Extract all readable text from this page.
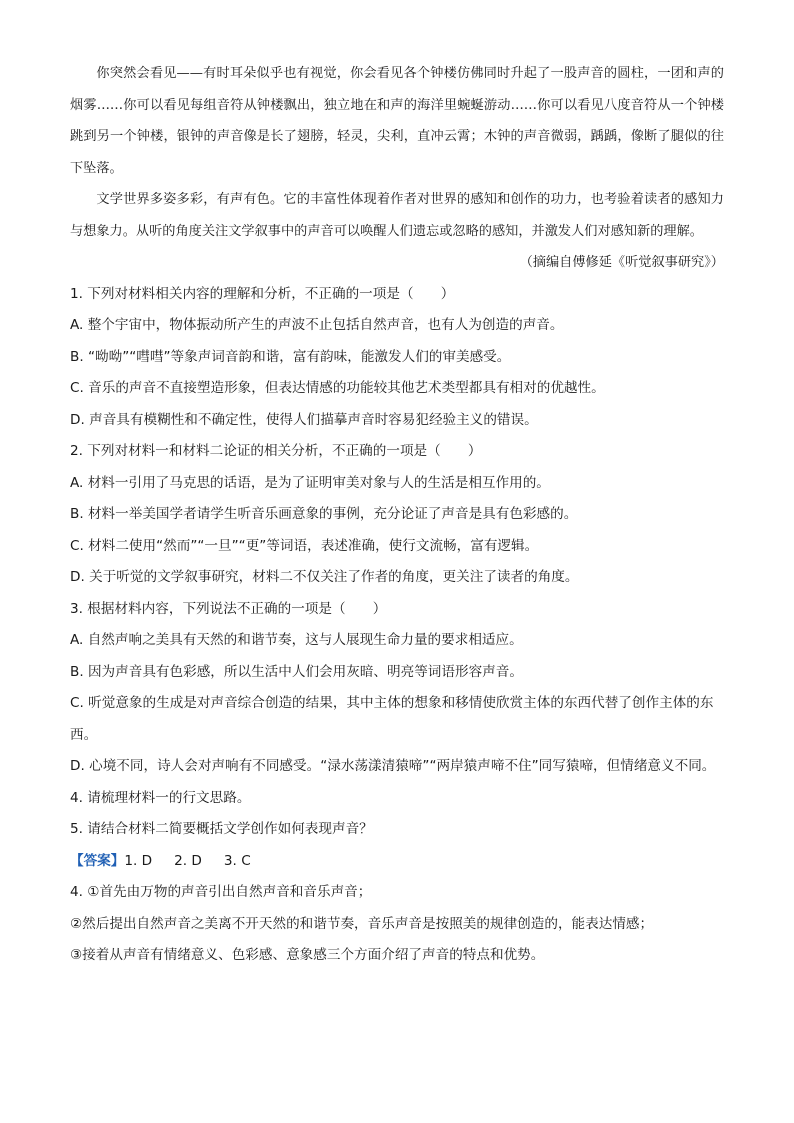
你突然会看见——有时耳朵似乎也有视觉，你会看见各个钟楼仿佛同时升起了一股声音的圆柱，一团和声的烟雾……你可以看见每组音符从钟楼飘出，独立地在和声的海洋里蜿蜒游动……你可以看见八度音符从一个钟楼跳到另一个钟楼，银钟的声音像是长了翅膀，轻灵，尖利，直冲云霄；木钟的声音微弱，踽踽，像断了腿似的往下坠落。

文学世界多姿多彩，有声有色。它的丰富性体现着作者对世界的感知和创作的功力，也考验着读者的感知力与想象力。从听的角度关注文学叙事中的声音可以唤醒人们遗忘或忽略的感知，并激发人们对感知新的理解。

（摘编自傅修延《听觉叙事研究》）

1. 下列对材料相关内容的理解和分析，不正确的一项是（　　）

A. 整个宇宙中，物体振动所产生的声波不止包括自然声音，也有人为创造的声音。

B. “呦呦”“嘒嘒”等象声词音韵和谐，富有韵味，能激发人们的审美感受。

C. 音乐的声音不直接塑造形象，但表达情感的功能较其他艺术类型都具有相对的优越性。

D. 声音具有模糊性和不确定性，使得人们描摹声音时容易犯经验主义的错误。

2. 下列对材料一和材料二论证的相关分析，不正确的一项是（　　）

A. 材料一引用了马克思的话语，是为了证明审美对象与人的生活是相互作用的。

B. 材料一举美国学者请学生听音乐画意象的事例，充分论证了声音是具有色彩感的。

C. 材料二使用“然而”“一旦”“更”等词语，表述准确，使行文流畅，富有逻辑。

D. 关于听觉的文学叙事研究，材料二不仅关注了作者的角度，更关注了读者的角度。

3. 根据材料内容，下列说法不正确的一项是（　　）

A. 自然声响之美具有天然的和谐节奏，这与人展现生命力量的要求相适应。

B. 因为声音具有色彩感，所以生活中人们会用灰暗、明亮等词语形容声音。

C. 听觉意象的生成是对声音综合创造的结果，其中主体的想象和移情使欣赏主体的东西代替了创作主体的东西。

D. 心境不同，诗人会对声响有不同感受。“渌水荡漾清猿啼”“两岸猿声啼不住”同写猿啼，但情绪意义不同。

4. 请梳理材料一的行文思路。

5. 请结合材料二简要概括文学创作如何表现声音？

【答案】1. D 2. D 3. C

4. ①首先由万物的声音引出自然声音和音乐声音；

②然后提出自然声音之美离不开天然的和谐节奏，音乐声音是按照美的规律创造的，能表达情感；

③接着从声音有情绪意义、色彩感、意象感三个方面介绍了声音的特点和优势。
